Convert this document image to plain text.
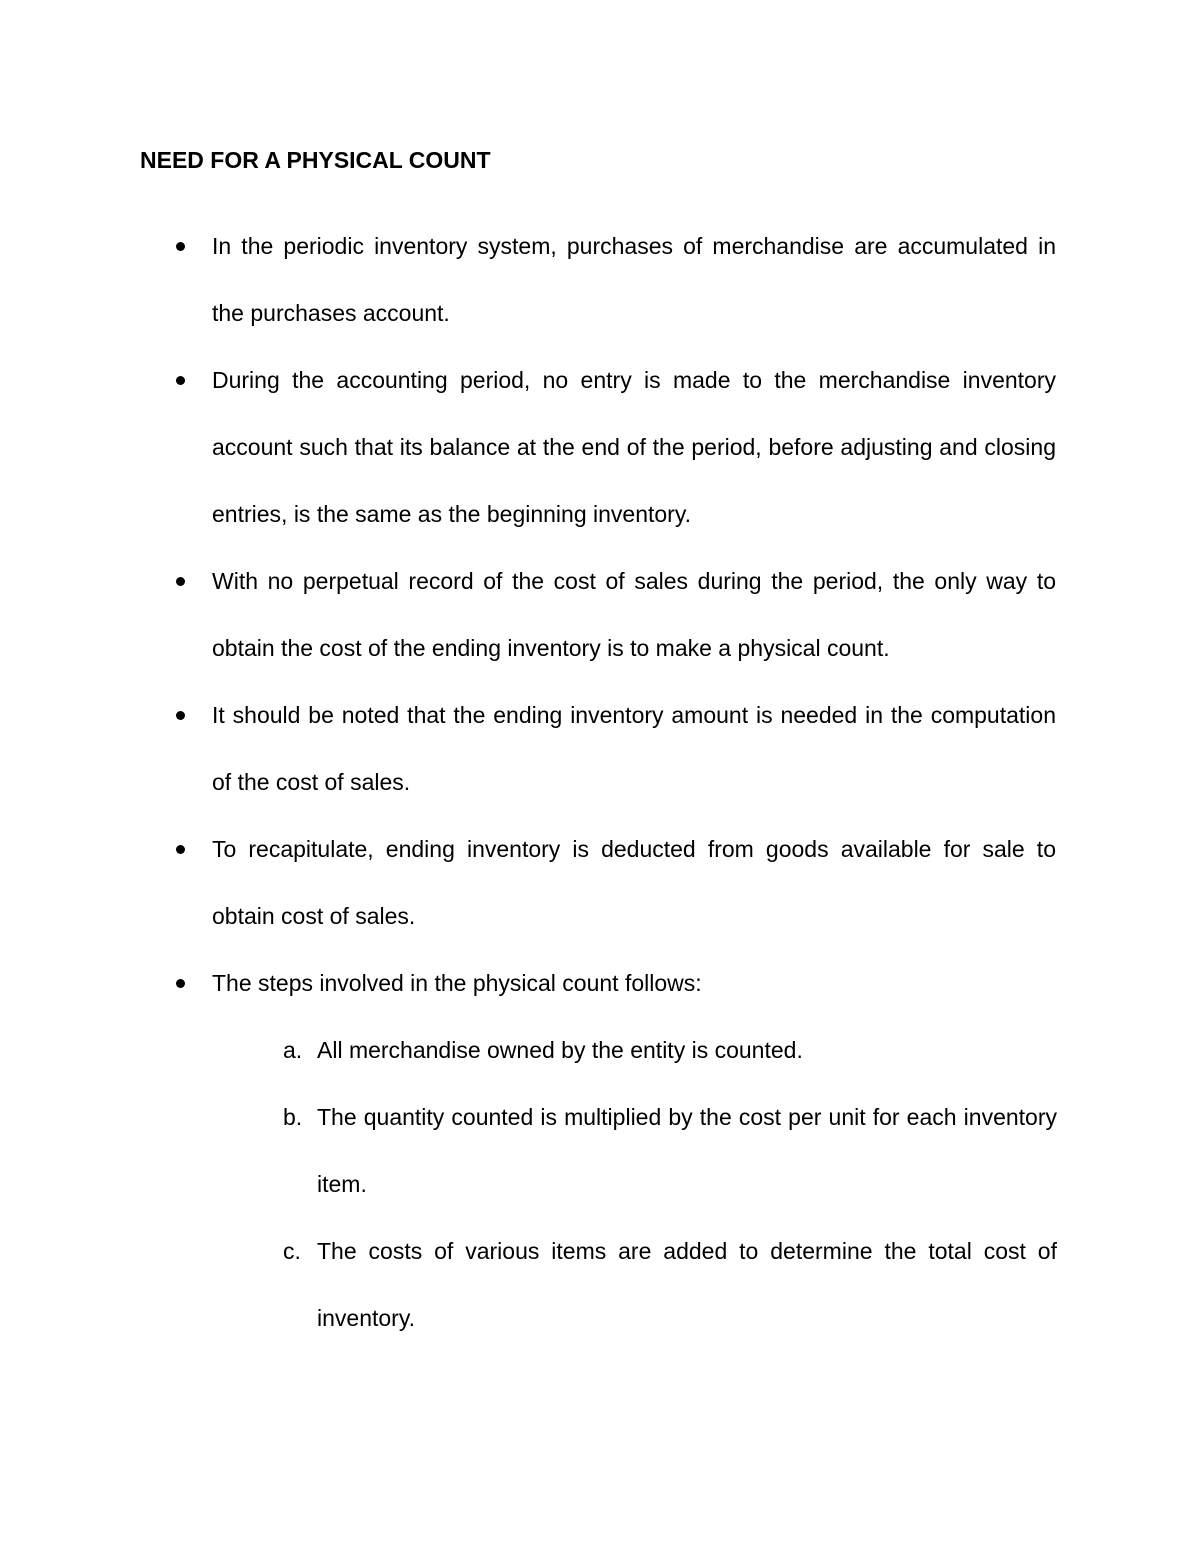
NEED FOR A PHYSICAL COUNT
In the periodic inventory system, purchases of merchandise are accumulated in the purchases account.
During the accounting period, no entry is made to the merchandise inventory account such that its balance at the end of the period, before adjusting and closing entries, is the same as the beginning inventory.
With no perpetual record of the cost of sales during the period, the only way to obtain the cost of the ending inventory is to make a physical count.
It should be noted that the ending inventory amount is needed in the computation of the cost of sales.
To recapitulate, ending inventory is deducted from goods available for sale to obtain cost of sales.
The steps involved in the physical count follows:
a. All merchandise owned by the entity is counted.
b. The quantity counted is multiplied by the cost per unit for each inventory item.
c. The costs of various items are added to determine the total cost of inventory.
